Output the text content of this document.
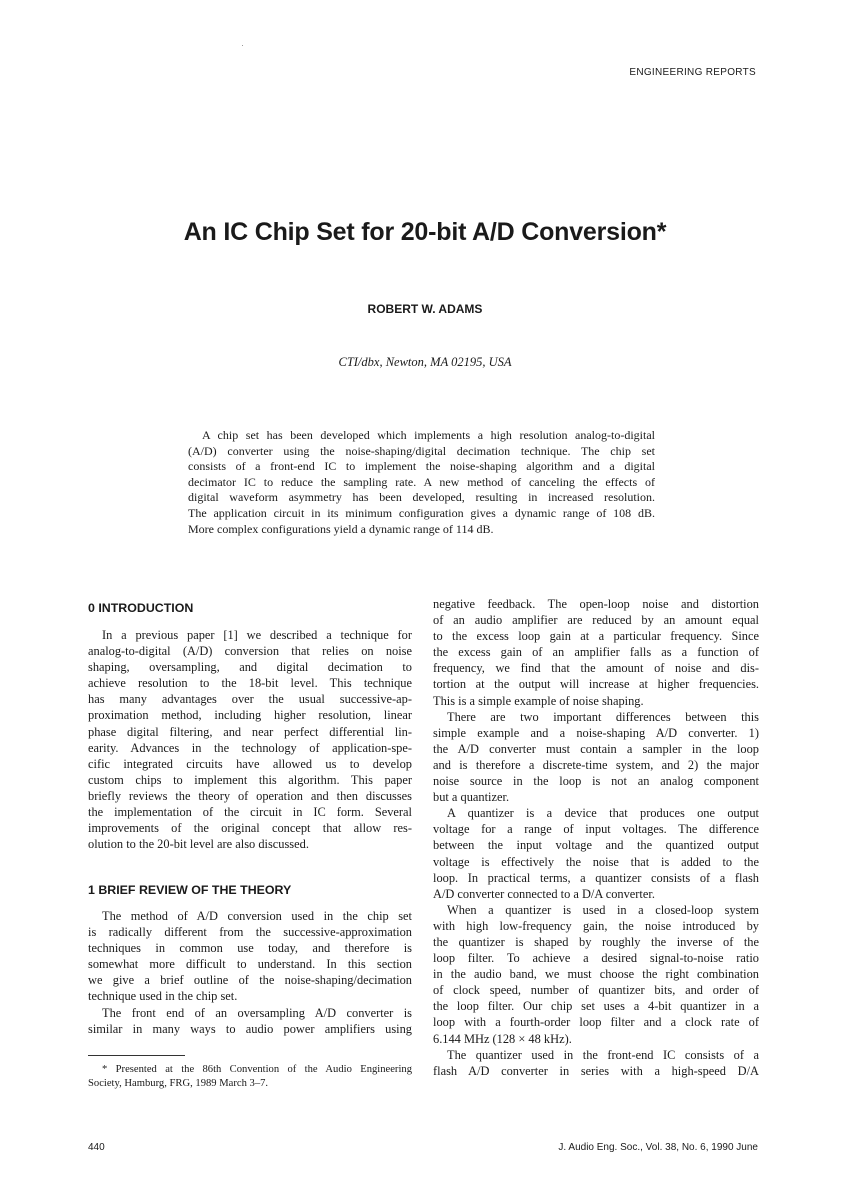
ENGINEERING REPORTS
An IC Chip Set for 20-bit A/D Conversion*
ROBERT W. ADAMS
CTI/dbx, Newton, MA 02195, USA
A chip set has been developed which implements a high resolution analog-to-digital
(A/D) converter using the noise-shaping/digital decimation technique. The chip set
consists of a front-end IC to implement the noise-shaping algorithm and a digital
decimator IC to reduce the sampling rate. A new method of canceling the effects of
digital waveform asymmetry has been developed, resulting in increased resolution.
The application circuit in its minimum configuration gives a dynamic range of 108 dB.
More complex configurations yield a dynamic range of 114 dB.
0 INTRODUCTION
In a previous paper [1] we described a technique for
analog-to-digital (A/D) conversion that relies on noise
shaping, oversampling, and digital decimation to
achieve resolution to the 18-bit level. This technique
has many advantages over the usual successive-ap-
proximation method, including higher resolution, linear
phase digital filtering, and near perfect differential lin-
earity. Advances in the technology of application-spe-
cific integrated circuits have allowed us to develop
custom chips to implement this algorithm. This paper
briefly reviews the theory of operation and then discusses
the implementation of the circuit in IC form. Several
improvements of the original concept that allow res-
olution to the 20-bit level are also discussed.
1 BRIEF REVIEW OF THE THEORY
The method of A/D conversion used in the chip set
is radically different from the successive-approximation
techniques in common use today, and therefore is
somewhat more difficult to understand. In this section
we give a brief outline of the noise-shaping/decimation
technique used in the chip set.
The front end of an oversampling A/D converter is
similar in many ways to audio power amplifiers using
negative feedback. The open-loop noise and distortion
of an audio amplifier are reduced by an amount equal
to the excess loop gain at a particular frequency. Since
the excess gain of an amplifier falls as a function of
frequency, we find that the amount of noise and dis-
tortion at the output will increase at higher frequencies.
This is a simple example of noise shaping.
There are two important differences between this
simple example and a noise-shaping A/D converter. 1)
the A/D converter must contain a sampler in the loop
and is therefore a discrete-time system, and 2) the major
noise source in the loop is not an analog component
but a quantizer.
A quantizer is a device that produces one output
voltage for a range of input voltages. The difference
between the input voltage and the quantized output
voltage is effectively the noise that is added to the
loop. In practical terms, a quantizer consists of a flash
A/D converter connected to a D/A converter.
When a quantizer is used in a closed-loop system
with high low-frequency gain, the noise introduced by
the quantizer is shaped by roughly the inverse of the
loop filter. To achieve a desired signal-to-noise ratio
in the audio band, we must choose the right combination
of clock speed, number of quantizer bits, and order of
the loop filter. Our chip set uses a 4-bit quantizer in a
loop with a fourth-order loop filter and a clock rate of
6.144 MHz (128 × 48 kHz).
The quantizer used in the front-end IC consists of a
flash A/D converter in series with a high-speed D/A
* Presented at the 86th Convention of the Audio Engineering
Society, Hamburg, FRG, 1989 March 3–7.
440	J. Audio Eng. Soc., Vol. 38, No. 6, 1990 June
